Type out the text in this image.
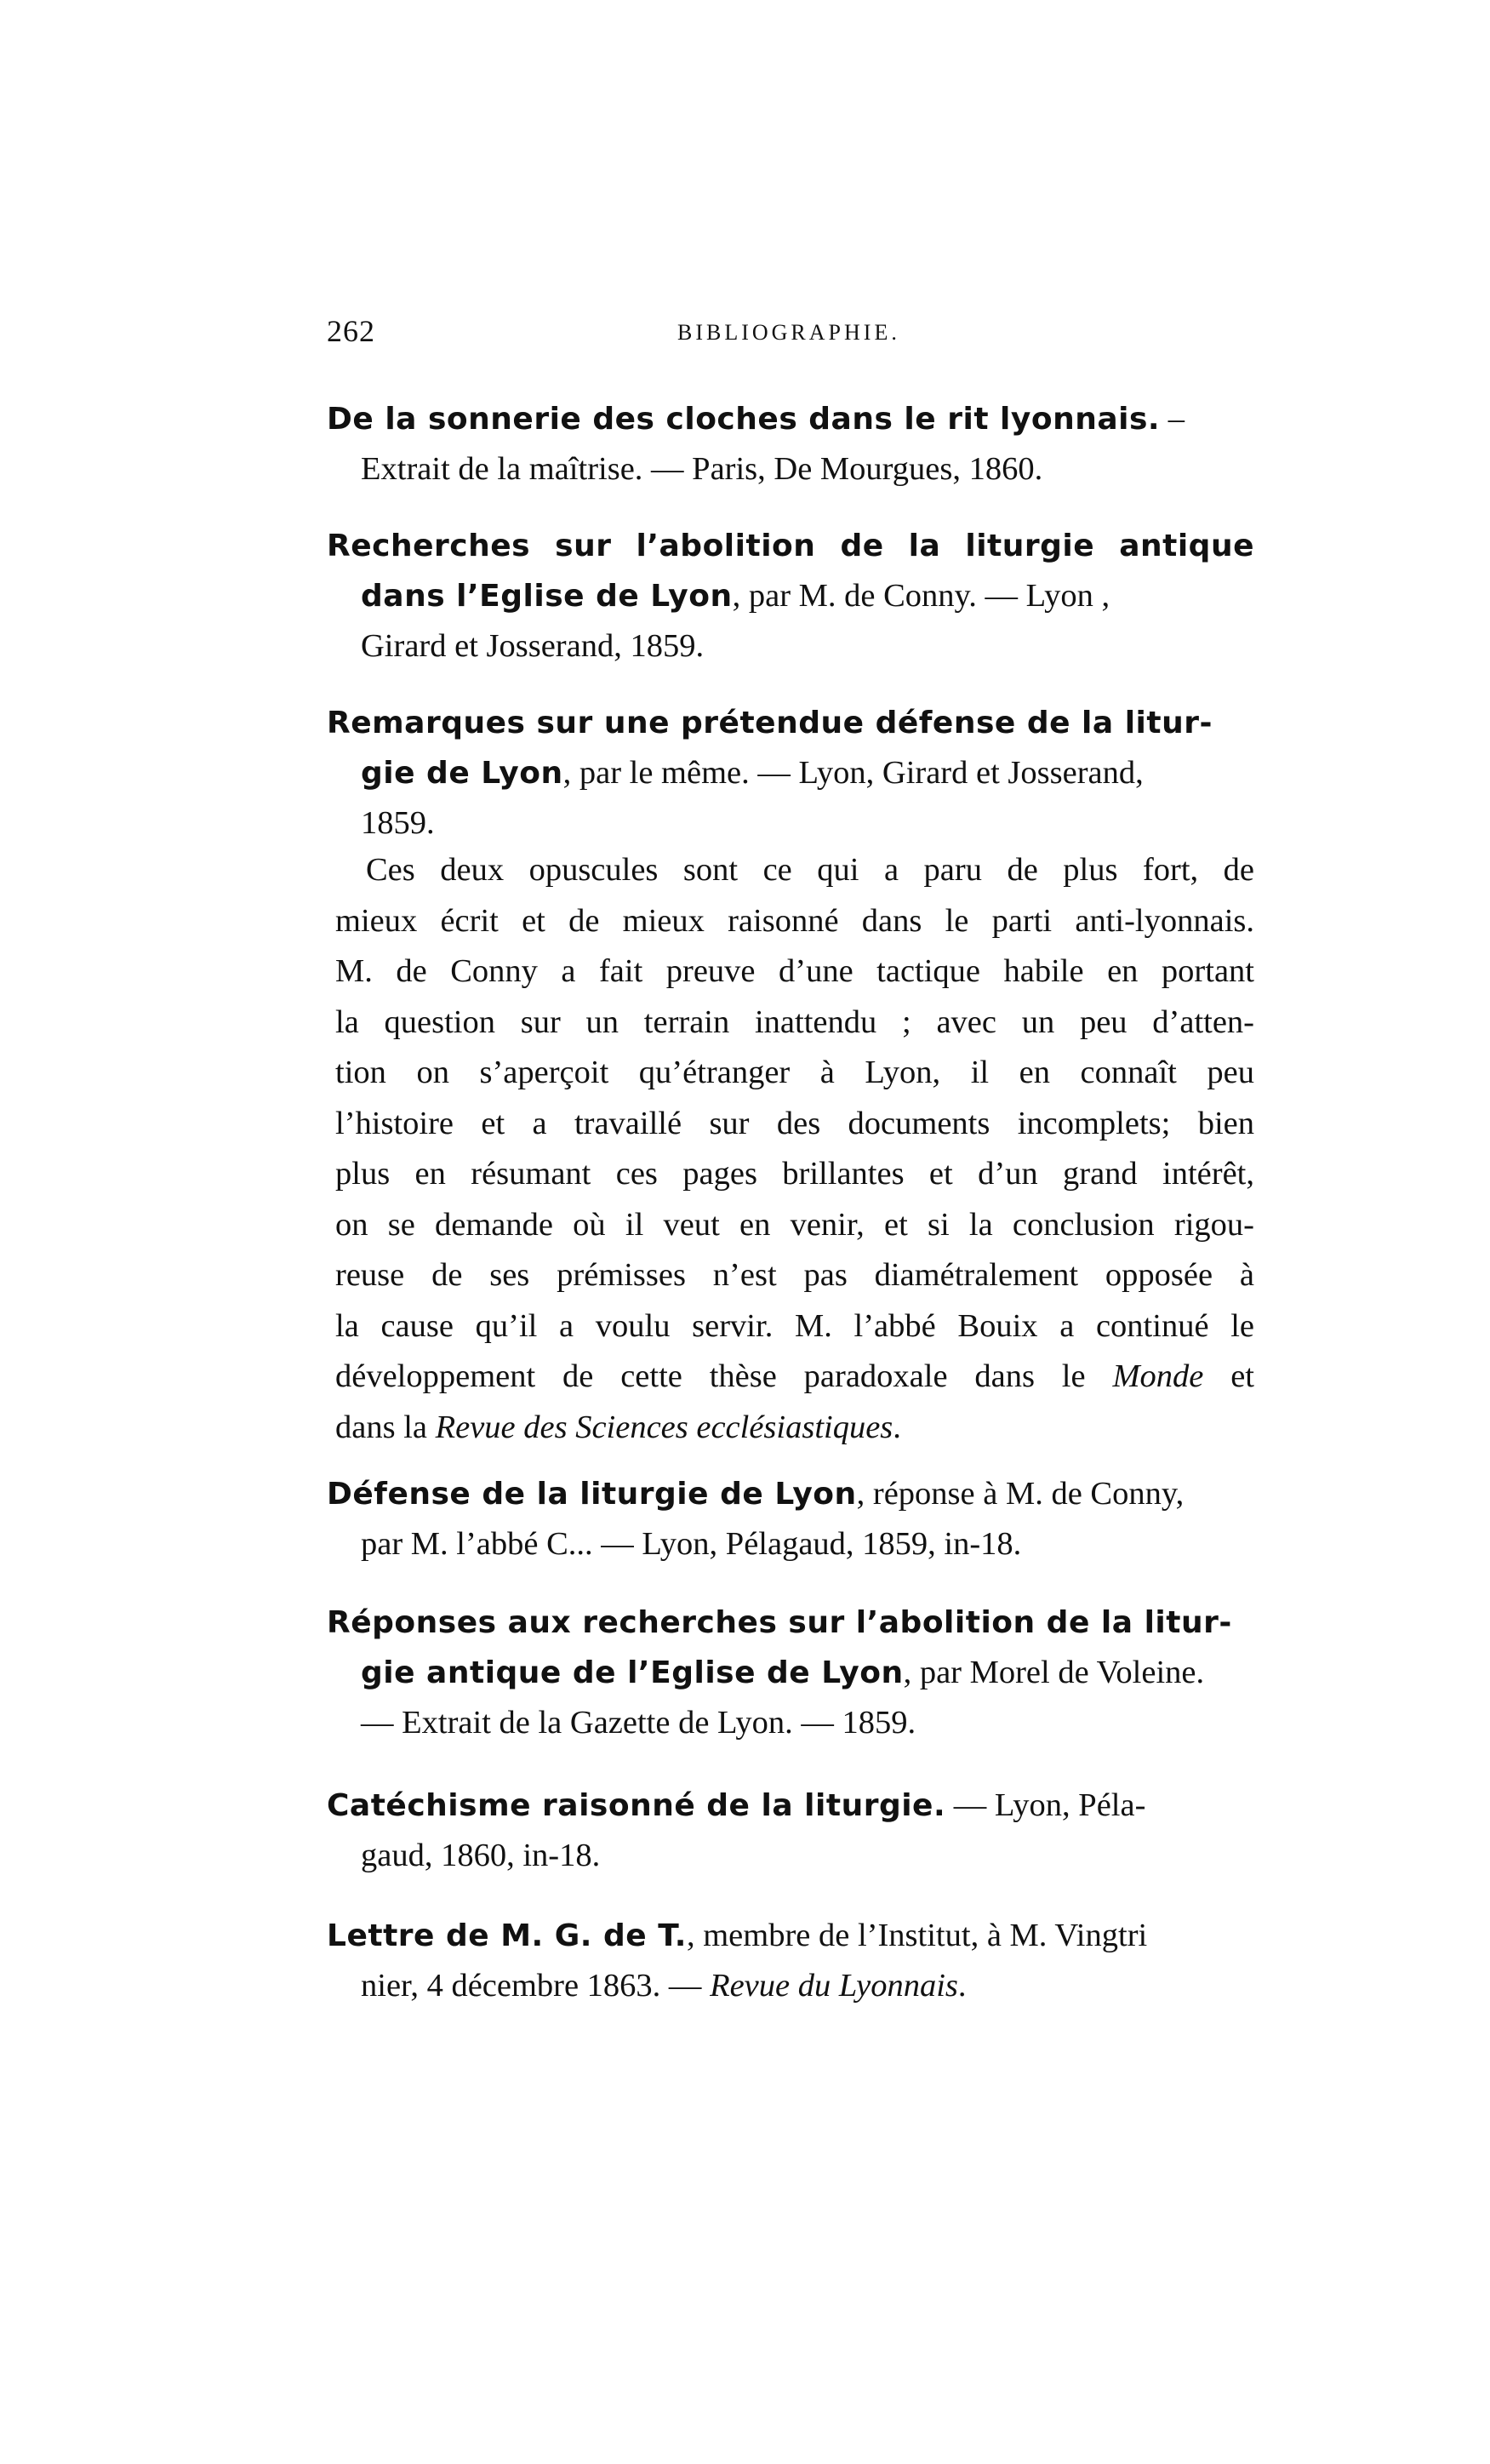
262	BIBLIOGRAPHIE.
De la sonnerie des cloches dans le rit lyonnais. –
Extrait de la maîtrise. — Paris, De Mourgues, 1860.
Recherches sur l’abolition de la liturgie antique
dans l’Eglise de Lyon, par M. de Conny. — Lyon ,
Girard et Josserand, 1859.
Remarques sur une prétendue défense de la litur-
gie de Lyon, par le même. — Lyon, Girard et Josserand,
1859.
Ces deux opuscules sont ce qui a paru de plus fort, de
mieux écrit et de mieux raisonné dans le parti anti-lyonnais.
M. de Conny a fait preuve d’une tactique habile en portant
la question sur un terrain inattendu ; avec un peu d’atten-
tion on s’aperçoit qu’étranger à Lyon, il en connaît peu
l’histoire et a travaillé sur des documents incomplets; bien
plus en résumant ces pages brillantes et d’un grand intérêt,
on se demande où il veut en venir, et si la conclusion rigou-
reuse de ses prémisses n’est pas diamétralement opposée à
la cause qu’il a voulu servir. M. l’abbé Bouix a continué le
développement de cette thèse paradoxale dans le Monde et
dans la Revue des Sciences ecclésiastiques.
Défense de la liturgie de Lyon, réponse à M. de Conny,
par M. l’abbé C... — Lyon, Pélagaud, 1859, in-18.
Réponses aux recherches sur l’abolition de la litur-
gie antique de l’Eglise de Lyon, par Morel de Voleine.
— Extrait de la Gazette de Lyon. — 1859.
Catéchisme raisonné de la liturgie. — Lyon, Péla-
gaud, 1860, in-18.
Lettre de M. G. de T., membre de l’Institut, à M. Vingtri
nier, 4 décembre 1863. — Revue du Lyonnais.
